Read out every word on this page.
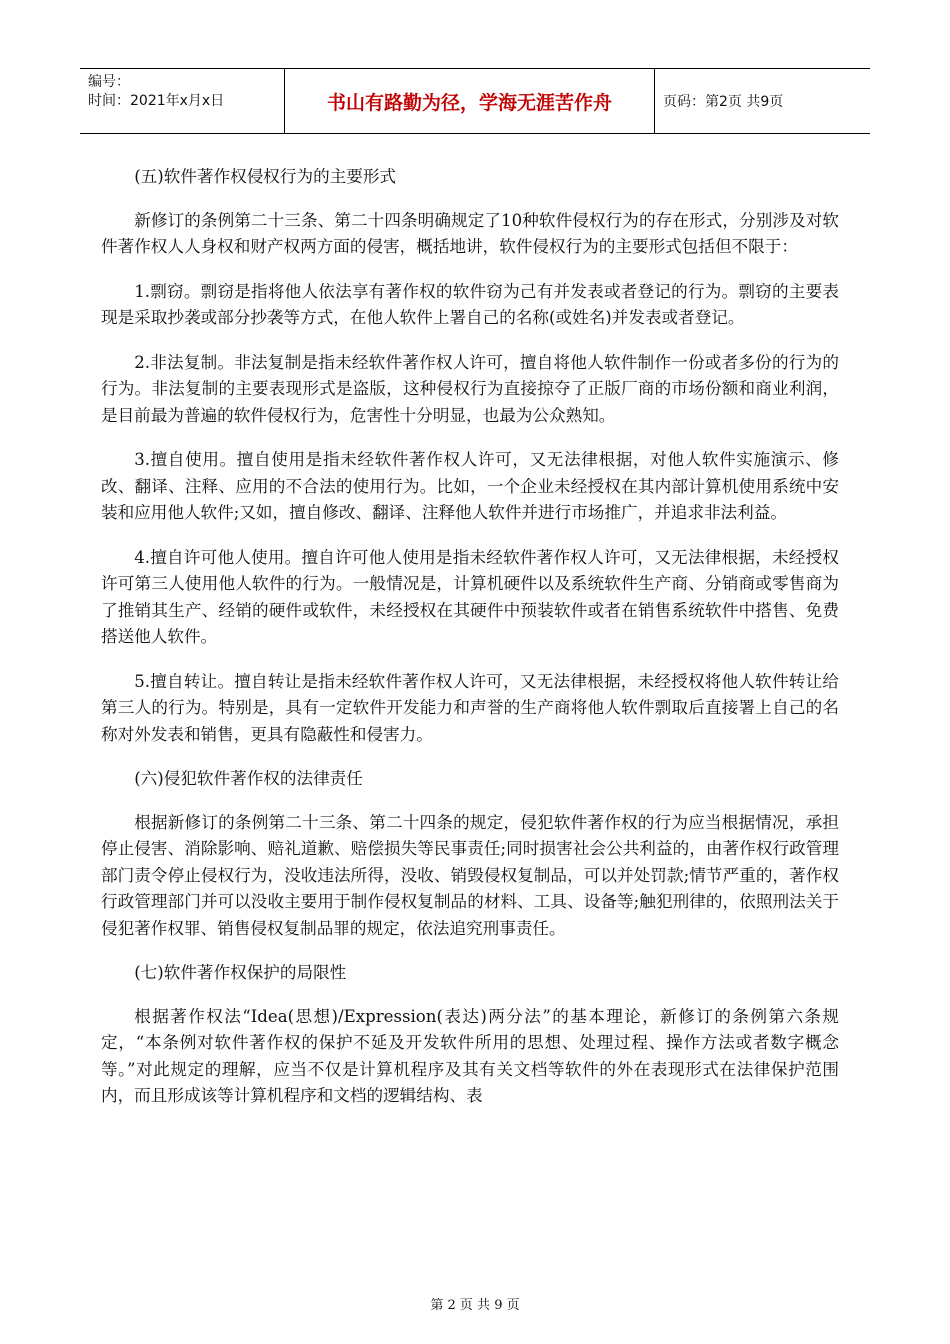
编号：
时间：2021年x月x日	书山有路勤为径，学海无涯苦作舟	页码：第2页 共9页

(五)软件著作权侵权行为的主要形式

新修订的条例第二十三条、第二十四条明确规定了10种软件侵权行为的存在形式，分别涉及对软件著作权人人身权和财产权两方面的侵害，概括地讲，软件侵权行为的主要形式包括但不限于：

1.剽窃。剽窃是指将他人依法享有著作权的软件窃为己有并发表或者登记的行为。剽窃的主要表现是采取抄袭或部分抄袭等方式，在他人软件上署自己的名称(或姓名)并发表或者登记。

2.非法复制。非法复制是指未经软件著作权人许可，擅自将他人软件制作一份或者多份的行为的行为。非法复制的主要表现形式是盗版，这种侵权行为直接掠夺了正版厂商的市场份额和商业利润，是目前最为普遍的软件侵权行为，危害性十分明显，也最为公众熟知。

3.擅自使用。擅自使用是指未经软件著作权人许可，又无法律根据，对他人软件实施演示、修改、翻译、注释、应用的不合法的使用行为。比如，一个企业未经授权在其内部计算机使用系统中安装和应用他人软件;又如，擅自修改、翻译、注释他人软件并进行市场推广，并追求非法利益。

4.擅自许可他人使用。擅自许可他人使用是指未经软件著作权人许可，又无法律根据，未经授权许可第三人使用他人软件的行为。一般情况是，计算机硬件以及系统软件生产商、分销商或零售商为了推销其生产、经销的硬件或软件，未经授权在其硬件中预装软件或者在销售系统软件中搭售、免费搭送他人软件。

5.擅自转让。擅自转让是指未经软件著作权人许可，又无法律根据，未经授权将他人软件转让给第三人的行为。特别是，具有一定软件开发能力和声誉的生产商将他人软件剽取后直接署上自己的名称对外发表和销售，更具有隐蔽性和侵害力。

(六)侵犯软件著作权的法律责任

根据新修订的条例第二十三条、第二十四条的规定，侵犯软件著作权的行为应当根据情况，承担停止侵害、消除影响、赔礼道歉、赔偿损失等民事责任;同时损害社会公共利益的，由著作权行政管理部门责令停止侵权行为，没收违法所得，没收、销毁侵权复制品，可以并处罚款;情节严重的，著作权行政管理部门并可以没收主要用于制作侵权复制品的材料、工具、设备等;触犯刑律的，依照刑法关于侵犯著作权罪、销售侵权复制品罪的规定，依法追究刑事责任。

(七)软件著作权保护的局限性

根据著作权法“Idea(思想)/Expression(表达)两分法”的基本理论，新修订的条例第六条规定，“本条例对软件著作权的保护不延及开发软件所用的思想、处理过程、操作方法或者数字概念等。”对此规定的理解，应当不仅是计算机程序及其有关文档等软件的外在表现形式在法律保护范围内，而且形成该等计算机程序和文档的逻辑结构、表

第 2 页 共 9 页
